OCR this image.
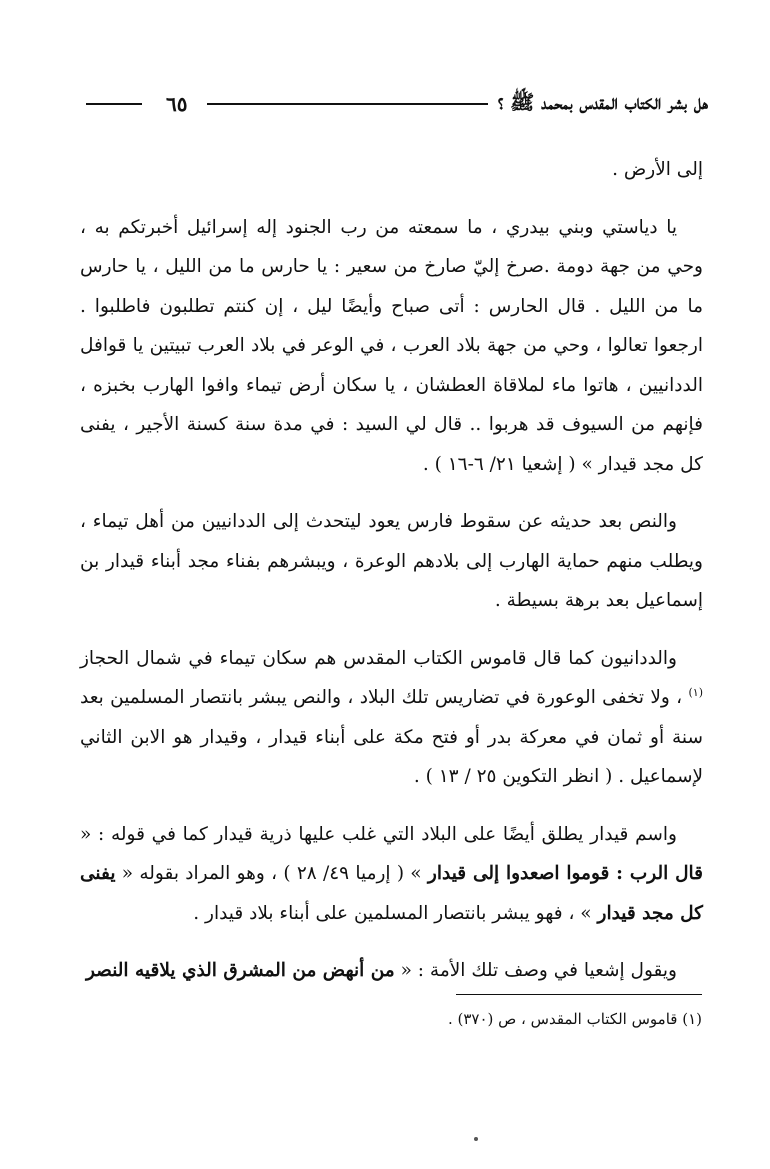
هل بشر الكتاب المقدس بمحمد ﷺ ؟
٦٥

إلى الأرض .

يا دياستي وبني بيدري ، ما سمعته من رب الجنود إله إسرائيل أخبرتكم به ، وحي من جهة دومة .صرخ إليّ صارخ من سعير : يا حارس ما من الليل ، يا حارس ما من الليل . قال الحارس : أتى صباح وأيضًا ليل ، إن كنتم تطلبون فاطلبوا . ارجعوا تعالوا ، وحي من جهة بلاد العرب ، في الوعر في بلاد العرب تبيتين يا قوافل الددانيين ، هاتوا ماء لملاقاة العطشان ، يا سكان أرض تيماء وافوا الهارب بخبزه ، فإنهم من السيوف قد هربوا .. قال لي السيد : في مدة سنة كسنة الأجير ، يفنى كل مجد قيدار » ( إشعيا ٢١/ ٦-١٦ ) .

والنص بعد حديثه عن سقوط فارس يعود ليتحدث إلى الددانيين من أهل تيماء ، ويطلب منهم حماية الهارب إلى بلادهم الوعرة ، ويبشرهم بفناء مجد أبناء قيدار بن إسماعيل بعد برهة بسيطة .

والددانيون كما قال قاموس الكتاب المقدس هم سكان تيماء في شمال الحجاز $^{(١)}$ ، ولا تخفى الوعورة في تضاريس تلك البلاد ، والنص يبشر بانتصار المسلمين بعد سنة أو ثمان في معركة بدر أو فتح مكة على أبناء قيدار ، وقيدار هو الابن الثاني لإسماعيل . ( انظر التكوين ٢٥ / ١٣ ) .

واسم قيدار يطلق أيضًا على البلاد التي غلب عليها ذرية قيدار كما في قوله : « قال الرب : قوموا اصعدوا إلى قيدار » ( إرميا ٤٩/ ٢٨ ) ، وهو المراد بقوله « يفنى كل مجد قيدار » ، فهو يبشر بانتصار المسلمين على أبناء بلاد قيدار .

ويقول إشعيا في وصف تلك الأمة : « من أنهض من المشرق الذي يلاقيه النصر

(١) قاموس الكتاب المقدس ، ص (٣٧٠) .
